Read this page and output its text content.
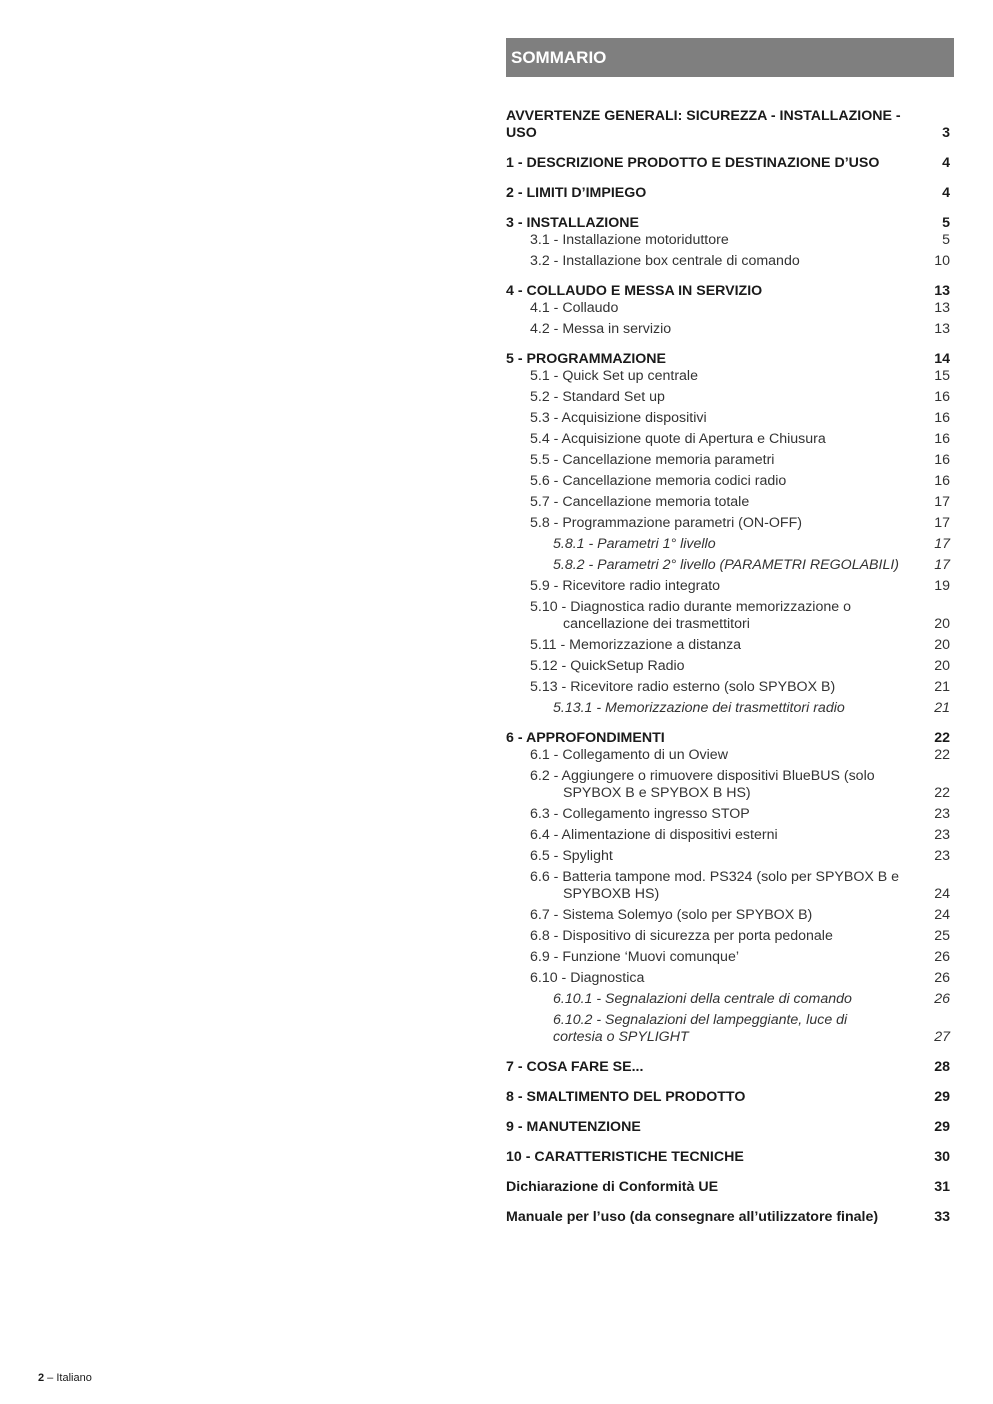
SOMMARIO
AVVERTENZE GENERALI: SICUREZZA - INSTALLAZIONE - USO	3
1 - DESCRIZIONE PRODOTTO E DESTINAZIONE D’USO	4
2 - LIMITI D’IMPIEGO	4
3 - INSTALLAZIONE	5
3.1 - Installazione motoriduttore	5
3.2 - Installazione box centrale di comando	10
4 - COLLAUDO E MESSA IN SERVIZIO	13
4.1 - Collaudo	13
4.2 - Messa in servizio	13
5 - PROGRAMMAZIONE	14
5.1 - Quick Set up centrale	15
5.2 - Standard Set up	16
5.3 - Acquisizione dispositivi	16
5.4 - Acquisizione quote di Apertura e Chiusura	16
5.5 - Cancellazione memoria parametri	16
5.6 - Cancellazione memoria codici radio	16
5.7 - Cancellazione memoria totale	17
5.8 - Programmazione parametri (ON-OFF)	17
5.8.1 - Parametri 1° livello	17
5.8.2 - Parametri 2° livello (PARAMETRI REGOLABILI)	17
5.9 - Ricevitore radio integrato	19
5.10 - Diagnostica radio durante memorizzazione o cancellazione dei trasmettitori	20
5.11 - Memorizzazione a distanza	20
5.12 - QuickSetup Radio	20
5.13 - Ricevitore radio esterno (solo SPYBOX B)	21
5.13.1 - Memorizzazione dei trasmettitori radio	21
6 - APPROFONDIMENTI	22
6.1 - Collegamento di un Oview	22
6.2 - Aggiungere o rimuovere dispositivi BlueBUS (solo SPYBOX B e SPYBOX B HS)	22
6.3 - Collegamento ingresso STOP	23
6.4 - Alimentazione di dispositivi esterni	23
6.5 - Spylight	23
6.6 - Batteria tampone mod. PS324 (solo per SPYBOX B e SPYBOXB HS)	24
6.7 - Sistema Solemyo (solo per SPYBOX B)	24
6.8 - Dispositivo di sicurezza per porta pedonale	25
6.9 - Funzione ‘Muovi comunque’	26
6.10 - Diagnostica	26
6.10.1 - Segnalazioni della centrale di comando	26
6.10.2 - Segnalazioni del lampeggiante, luce di cortesia o SPYLIGHT	27
7 - COSA FARE SE...	28
8 - SMALTIMENTO DEL PRODOTTO	29
9 - MANUTENZIONE	29
10 - CARATTERISTICHE TECNICHE	30
Dichiarazione di Conformità UE	31
Manuale per l’uso (da consegnare all’utilizzatore finale)	33
2 – Italiano
